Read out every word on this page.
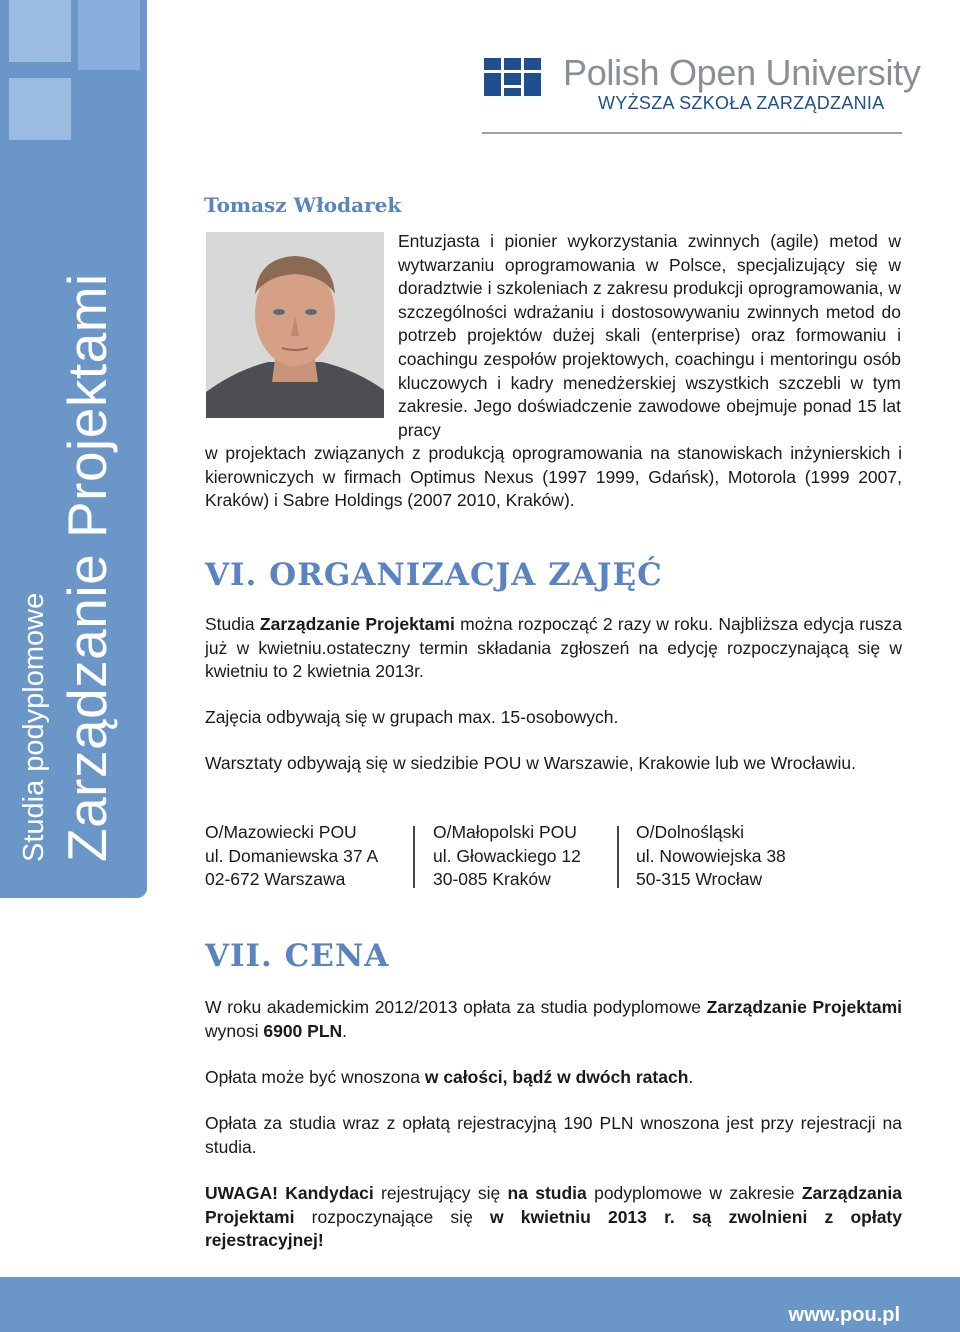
Studia podyplomowe Zarządzanie Projektami
Polish Open University
WYŻSZA SZKOŁA ZARZĄDZANIA
Tomasz Włodarek
Entuzjasta i pionier wykorzystania zwinnych (agile) metod w wytwarzaniu oprogramowania w Polsce, specjalizujący się w doradztwie i szkoleniach z zakresu produkcji oprogramowania, w szczególności wdrażaniu i dostosowywaniu zwinnych metod do potrzeb projektów dużej skali (enterprise) oraz formowaniu i coachingu zespołów projektowych, coachingu i mentoringu osób kluczowych i kadry menedżerskiej wszystkich szczebli w tym zakresie. Jego doświadczenie zawodowe obejmuje ponad 15 lat pracy
w projektach związanych z produkcją oprogramowania na stanowiskach inżynierskich i kierowniczych w firmach Optimus Nexus (1997 1999, Gdańsk), Motorola (1999 2007, Kraków) i Sabre Holdings (2007 2010, Kraków).
VI. ORGANIZACJA ZAJĘĆ
Studia Zarządzanie Projektami można rozpocząć 2 razy w roku. Najbliższa edycja rusza już w kwietniu.ostateczny termin składania zgłoszeń na edycję rozpoczynającą się w kwietniu to 2 kwietnia 2013r.
Zajęcia odbywają się w grupach max. 15-osobowych.
Warsztaty odbywają się w siedzibie POU w Warszawie, Krakowie lub we Wrocławiu.
O/Mazowiecki POU
ul. Domaniewska 37 A
02-672 Warszawa
O/Małopolski POU
ul. Głowackiego 12
30-085 Kraków
O/Dolnośląski
ul. Nowowiejska 38
50-315 Wrocław
VII. CENA
W roku akademickim 2012/2013 opłata za studia podyplomowe Zarządzanie Projektami wynosi 6900 PLN.
Opłata może być wnoszona w całości, bądź w dwóch ratach.
Opłata za studia wraz z opłatą rejestracyjną 190 PLN wnoszona jest przy rejestracji na studia.
UWAGA! Kandydaci rejestrujący się na studia podyplomowe w zakresie Zarządzania Projektami rozpoczynające się w kwietniu 2013 r. są zwolnieni z opłaty rejestracyjnej!
www.pou.pl
